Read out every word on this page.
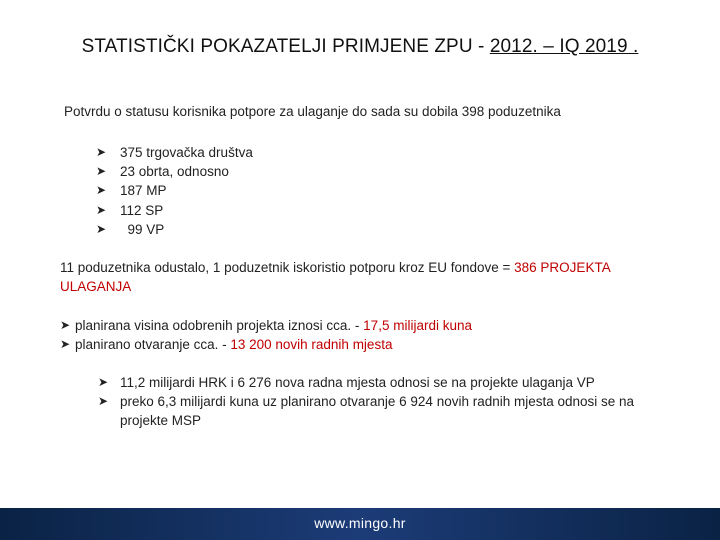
STATISTIČKI POKAZATELJI PRIMJENE ZPU - 2012. – IQ 2019 .
Potvrdu o statusu korisnika potpore za ulaganje do sada su dobila 398 poduzetnika
➤	375 trgovačka društva
➤	23 obrta, odnosno
➤	187 MP
➤	112 SP
➤	99 VP
11 poduzetnika odustalo, 1 poduzetnik iskoristio potporu kroz EU fondove = 386 PROJEKTA ULAGANJA
➤ planirana visina odobrenih projekta iznosi cca. - 17,5 milijardi kuna
➤ planirano otvaranje cca. - 13 200 novih radnih mjesta
➤ 11,2 milijardi HRK i 6 276 nova radna mjesta odnosi se na projekte ulaganja VP
➤ preko 6,3 milijardi kuna uz planirano otvaranje 6 924 novih radnih mjesta odnosi se na projekte MSP
www.mingo.hr
